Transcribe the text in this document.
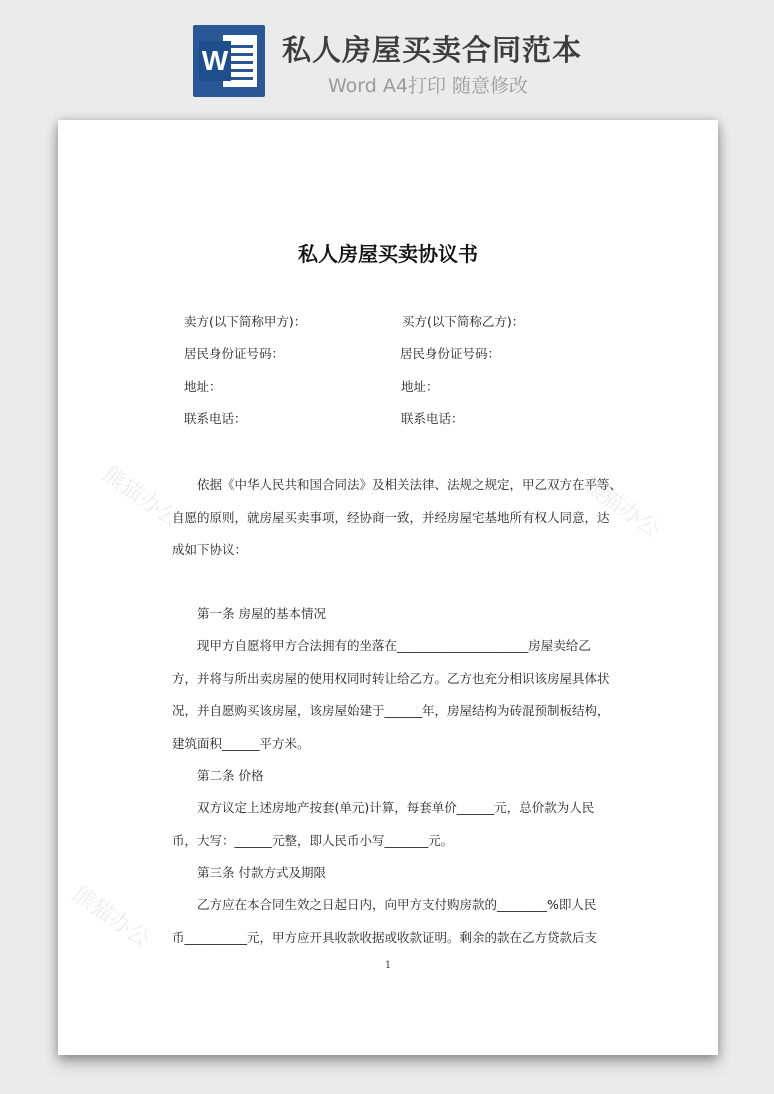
W 私人房屋买卖合同范本
Word A4打印 随意修改
熊猫办公	熊猫办公
熊猫办公
私人房屋买卖协议书
卖方(以下简称甲方)：	买方(以下简称乙方)：
居民身份证号码：	居民身份证号码：
地址：	地址：
联系电话：	联系电话：
依据《中华人民共和国合同法》及相关法律、法规之规定，甲乙双方在平等、
自愿的原则，就房屋买卖事项，经协商一致，并经房屋宅基地所有权人同意，达
成如下协议：
第一条 房屋的基本情况
现甲方自愿将甲方合法拥有的坐落在_____________________房屋卖给乙
方，并将与所出卖房屋的使用权同时转让给乙方。乙方也充分相识该房屋具体状
况，并自愿购买该房屋，该房屋始建于______年，房屋结构为砖混预制板结构，
建筑面积______平方米。
第二条 价格
双方议定上述房地产按套(单元)计算，每套单价______元，总价款为人民
币，大写：______元整，即人民币小写_______元。
第三条 付款方式及期限
乙方应在本合同生效之日起日内，向甲方支付购房款的________%即人民
币__________元，甲方应开具收款收据或收款证明。剩余的款在乙方贷款后支
1
